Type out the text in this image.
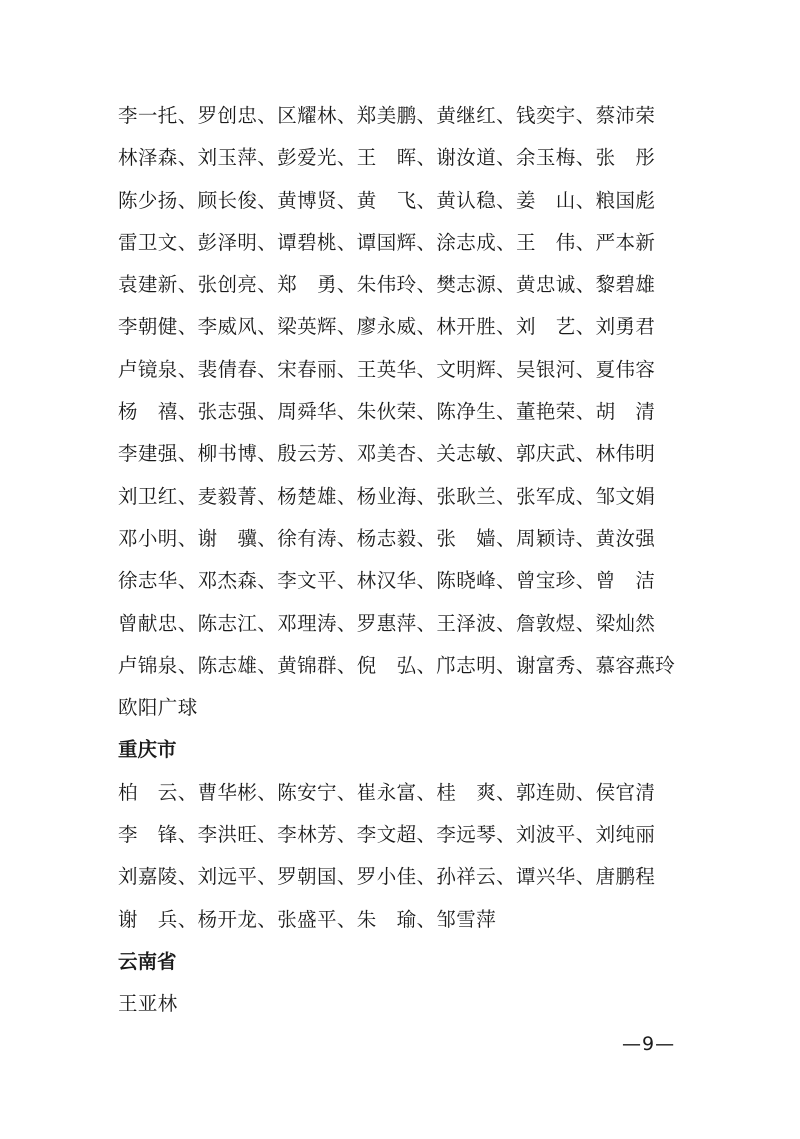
李一托、罗创忠、区耀林、郑美鹏、黄继红、钱奕宇、蔡沛荣
林泽森、刘玉萍、彭爱光、王　晖、谢汝道、余玉梅、张　彤
陈少扬、顾长俊、黄博贤、黄　飞、黄认稳、姜　山、粮国彪
雷卫文、彭泽明、谭碧桃、谭国辉、涂志成、王　伟、严本新
袁建新、张创亮、郑　勇、朱伟玲、樊志源、黄忠诚、黎碧雄
李朝健、李威风、梁英辉、廖永威、林开胜、刘　艺、刘勇君
卢镜泉、裴倩春、宋春丽、王英华、文明辉、吴银河、夏伟容
杨　禧、张志强、周舜华、朱伙荣、陈净生、董艳荣、胡　清
李建强、柳书博、殷云芳、邓美杏、关志敏、郭庆武、林伟明
刘卫红、麦毅菁、杨楚雄、杨业海、张耿兰、张军成、邹文娟
邓小明、谢　骥、徐有涛、杨志毅、张　嫱、周颖诗、黄汝强
徐志华、邓杰森、李文平、林汉华、陈晓峰、曾宝珍、曾　洁
曾献忠、陈志江、邓理涛、罗惠萍、王泽波、詹敦煜、梁灿然
卢锦泉、陈志雄、黄锦群、倪　弘、邝志明、谢富秀、慕容燕玲
欧阳广球
重庆市
柏　云、曹华彬、陈安宁、崔永富、桂　爽、郭连勋、侯官清
李　锋、李洪旺、李林芳、李文超、李远琴、刘波平、刘纯丽
刘嘉陵、刘远平、罗朝国、罗小佳、孙祥云、谭兴华、唐鹏程
谢　兵、杨开龙、张盛平、朱　瑜、邹雪萍
云南省
王亚林
—9—
